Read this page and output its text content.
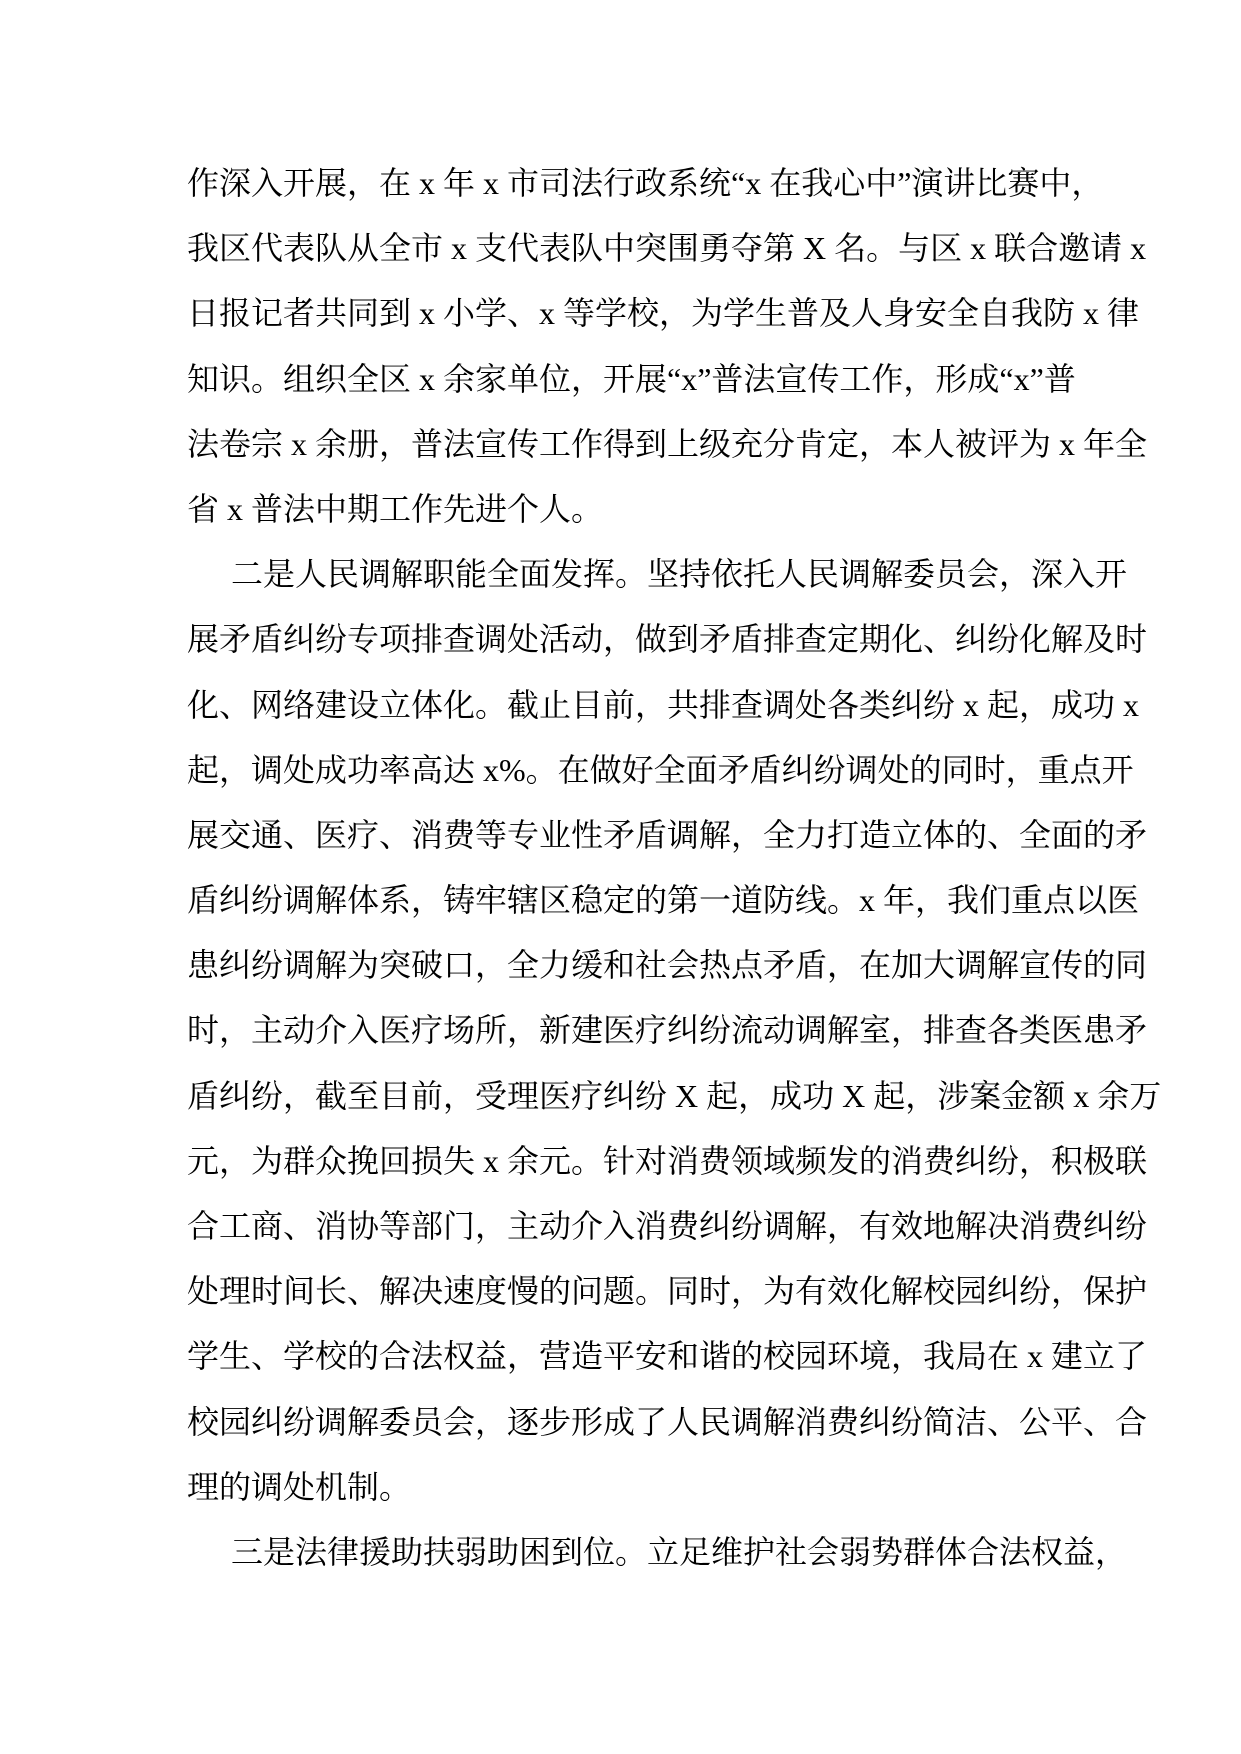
作深入开展，在 x 年 x 市司法行政系统“x 在我心中”演讲比赛中，
我区代表队从全市 x 支代表队中突围勇夺第 X 名。与区 x 联合邀请 x
日报记者共同到 x 小学、x 等学校，为学生普及人身安全自我防 x 律
知识。组织全区 x 余家单位，开展“x”普法宣传工作，形成“x”普
法卷宗 x 余册，普法宣传工作得到上级充分肯定，本人被评为 x 年全
省 x 普法中期工作先进个人。
二是人民调解职能全面发挥。坚持依托人民调解委员会，深入开
展矛盾纠纷专项排查调处活动，做到矛盾排查定期化、纠纷化解及时
化、网络建设立体化。截止目前，共排查调处各类纠纷 x 起，成功 x
起，调处成功率高达 x%。在做好全面矛盾纠纷调处的同时，重点开
展交通、医疗、消费等专业性矛盾调解，全力打造立体的、全面的矛
盾纠纷调解体系，铸牢辖区稳定的第一道防线。x 年，我们重点以医
患纠纷调解为突破口，全力缓和社会热点矛盾，在加大调解宣传的同
时，主动介入医疗场所，新建医疗纠纷流动调解室，排查各类医患矛
盾纠纷，截至目前，受理医疗纠纷 X 起，成功 X 起，涉案金额 x 余万
元，为群众挽回损失 x 余元。针对消费领域频发的消费纠纷，积极联
合工商、消协等部门，主动介入消费纠纷调解，有效地解决消费纠纷
处理时间长、解决速度慢的问题。同时，为有效化解校园纠纷，保护
学生、学校的合法权益，营造平安和谐的校园环境，我局在 x 建立了
校园纠纷调解委员会，逐步形成了人民调解消费纠纷简洁、公平、合
理的调处机制。
三是法律援助扶弱助困到位。立足维护社会弱势群体合法权益，
